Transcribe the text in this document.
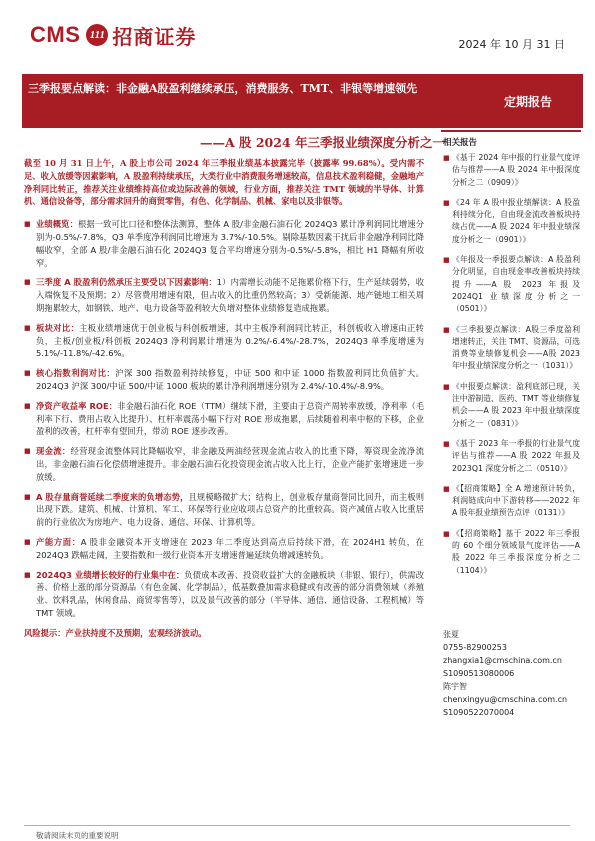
CMS 111 招商证券	2024 年 10 月 31 日
三季报要点解读：非金融A股盈利继续承压，消费服务、TMT、非银等增速领先
定期报告
——A 股 2024 年三季报业绩深度分析之一

截至 10 月 31 日上午，A 股上市公司 2024 年三季报业绩基本披露完毕（披露率 99.68%）。受内需不足、收入放缓等因素影响，A 股盈利持续承压，大类行业中消费服务增速较高，信息技术盈利稳健，金融地产净利同比转正，推荐关注业绩维持高位或边际改善的领域，行业方面，推荐关注 TMT 领域的半导体、计算机、通信设备等，部分需求回升的商贸零售，有色、化学制品、机械、家电以及非银等。

■ 业绩概览：根据一致可比口径和整体法测算，整体 A 股/非金融石油石化 2024Q3 累计净利润同比增速分别为-0.5%/-7.8%，Q3 单季度净利润同比增速为 3.7%/-10.5%。剔除基数因素干扰后非金融净利同比降幅收窄，全部 A 股/非金融石油石化 2024Q3 复合平均增速分别为-0.5%/-5.8%，相比 H1 降幅有所收窄。
■ 三季度 A 股盈利仍然承压主要受以下因素影响：1）内需增长动能不足拖累价格下行，生产延续弱势，收入端恢复不及预期；2）尽管费用增速有限，但占收入的比重仍然较高；3）受新能源、地产链地工相关周期拖累较大，如钢铁、地产、电力设备等盈利较大负增对整体业绩修复造成拖累。
■ 板块对比：主板业绩增速优于创业板与科创板增速，其中主板净利润同比转正，科创板收入增速由正转负，主板/创业板/科创板 2024Q3 净利润累计增速为 0.2%/-6.4%/-28.7%，2024Q3 单季度增速为 5.1%/-11.8%/-42.6%。
■ 核心指数利润对比：沪深 300 指数盈利持续修复，中证 500 和中证 1000 指数盈利同比负值扩大。2024Q3 沪深 300/中证 500/中证 1000 板块的累计净利润增速分别为 2.4%/-10.4%/-8.9%。
■ 净资产收益率 ROE：非金融石油石化 ROE（TTM）继续下滑，主要由于总资产周转率放缓，净利率（毛利率下行、费用占收入比提升）、杠杆率震荡小幅下行对 ROE 形成拖累，后续随着利率中枢的下移，企业盈利的改善，杠杆率有望回升，带动 ROE 逐步改善。
■ 现金流：经营现金流整体同比降幅收窄，非金融及两油经营现金流占收入的比重下降，筹资现金流净流出，非金融石油石化偿债增速提升。非金融石油石化投资现金流占收入比上行，企业产能扩张增速进一步放缓。
■ A 股存量商誉延续二季度来的负增态势，且规模略微扩大；结构上，创业板存量商誉同比回升，而主板则出现下跌。建筑、机械、计算机、军工、环保等行业应收项占总资产的比重较高。资产减值占收入比重居前的行业依次为房地产、电力设备、通信、环保、计算机等。
■ 产能方面：A 股非金融资本开支增速在 2023 年二季度达到高点后持续下滑，在 2024H1 转负，在 2024Q3 跌幅走阔，主要指数和一级行业资本开支增速普遍延续负增减速转负。
■ 2024Q3 业绩增长较好的行业集中在：负债成本改善、投资收益扩大的金融板块（非银、银行），供需改善、价格上涨的部分资源品（有色金属、化学制品），低基数叠加需求稳健或有改善的部分消费领域（养殖业、饮料乳品，休闲食品、商贸零售等），以及景气改善的部分（半导体、通信、通信设备、工程机械）等 TMT 领域。
风险提示：产业扶持度不及预期，宏观经济波动。
敬请阅读末页的重要说明
相关报告
■ 《基于 2024 年中报的行业景气度评估与推荐——A 股 2024 年中报深度分析之二（0909）》
■ 《24 年 A 股中报业绩解读：A 股盈利持续分化，自由现金流改善板块持续占优——A 股 2024 年中报业绩深度分析之一（0901）》
■ 《年报及一季报要点解读：A 股盈利分化明显，自由现金率改善板块持续提升——A 股 2023 年报及 2024Q1 业绩深度分析之一（0501）》
■ 《三季报要点解读：A股三季度盈利增速转正，关注 TMT、资源品，可选消费等业绩修复机会——A股 2023 年中报业绩深度分析之一（1031）》
■ 《中报要点解读：盈利底部已现，关注中游制造、医药、TMT 等业绩修复机会——A 股 2023 年中报业绩深度分析之一（0831）》
■ 《基于 2023 年一季报的行业景气度评估与推荐——A 股 2022 年报及 2023Q1 深度分析之二（0510）》
■ 《【招商策略】全 A 增速预计转负，利润链成向中下游转移——2022 年 A 股年报业绩预告点评（0131）》
■ 《【招商策略】基于 2022 年三季报的 60 个细分领域景气度评估——A 股 2022 年三季报深度分析之二（1104）》
张夏
0755-82900253
zhangxia1@cmschina.com.cn
S1090513080006
陈宇智
chenxingyu@cmschina.com.cn
S1090522070004
